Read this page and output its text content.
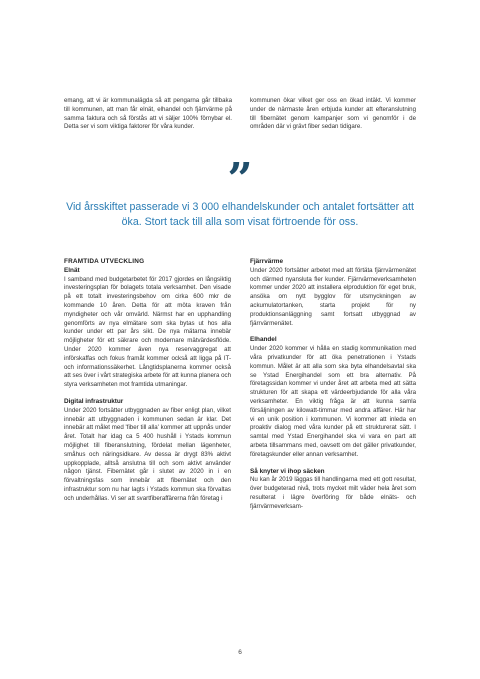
emang, att vi är kommunalägda så att pengarna går tillbaka till kommunen, att man får elnät, elhandel och fjärrvärme på samma faktura och så förstås att vi säljer 100% förnybar el. Detta ser vi som viktiga faktorer för våra kunder.

kommunen ökar vilket ger oss en ökad intäkt. Vi kommer under de närmaste åren erbjuda kunder att efteranslutning till fibernätet genom kampanjer som vi genomför i de områden där vi grävt fiber sedan tidigare.

”
Vid årsskiftet passerade vi 3 000 elhandelskunder och antalet fortsätter att öka. Stort tack till alla som visat förtroende för oss.

FRAMTIDA UTVECKLING

Elnät

I samband med budgetarbetet för 2017 gjordes en långsiktig investeringsplan för bolagets totala verksamhet. Den visade på ett totalt investeringsbehov om cirka 600 mkr de kommande 10 åren. Detta för att möta kraven från myndigheter och vår omvärld. Närmst har en upphandling genomförts av nya elmätare som ska bytas ut hos alla kunder under ett par års sikt. De nya mätarna innebär möjligheter för ett säkrare och modernare mätvärdesflöde. Under 2020 kommer även nya reservaggregat att införskaffas och fokus framåt kommer också att ligga på IT- och informationssäkerhet. Långtidsplanerna kommer också att ses över i vårt strategiska arbete för att kunna planera och styra verksamheten mot framtida utmaningar.

Digital infrastruktur

Under 2020 fortsätter utbyggnaden av fiber enligt plan, vilket innebär att utbyggnaden i kommunen sedan är klar. Det innebär att målet med 'fiber till alla' kommer att uppnås under året. Totalt har idag ca 5 400 hushåll i Ystads kommun möjlighet till fiberanslutning, fördelat mellan lägenheter, småhus och näringsidkare. Av dessa är drygt 83% aktivt uppkopplade, alltså anslutna till och som aktivt använder någon tjänst. Fibernätet går i slutet av 2020 in i en förvaltningsfas som innebär att fibernätet och den infrastruktur som nu har lagts i Ystads kommun ska förvaltas och underhållas. Vi ser att svartfiberaffärerna från företag i

Fjärrvärme

Under 2020 fortsätter arbetet med att förtäta fjärrvärmenätet och därmed nyansluta fler kunder. Fjärrvärmeverksamheten kommer under 2020 att installera elproduktion för eget bruk, ansöka om nytt bygglov för utsmyckningen av ackumulatortanken, starta projekt för ny produktionsanläggning samt fortsatt utbyggnad av fjärrvärmenätet.

Elhandel

Under 2020 kommer vi hålla en stadig kommunikation med våra privatkunder för att öka penetrationen i Ystads kommun. Målet är att alla som ska byta elhandelsavtal ska se Ystad Energihandel som ett bra alternativ. På företagssidan kommer vi under året att arbeta med att sätta strukturen för att skapa ett värdeerbjudande för alla våra verksamheter. En viktig fråga är att kunna samla försäljningen av kilowatt-timmar med andra affärer. Här har vi en unik position i kommunen. Vi kommer att inleda en proaktiv dialog med våra kunder på ett strukturerat sätt. I samtal med Ystad Energihandel ska vi vara en part att arbeta tillsammans med, oavsett om det gäller privatkunder, företagskunder eller annan verksamhet.

Så knyter vi ihop säcken

Nu kan år 2019 läggas till handlingarna med ett gott resultat, över budgeterad nivå, trots mycket milt väder hela året som resulterat i lägre överföring för både elnäts- och fjärrvärmeverksam-

6
